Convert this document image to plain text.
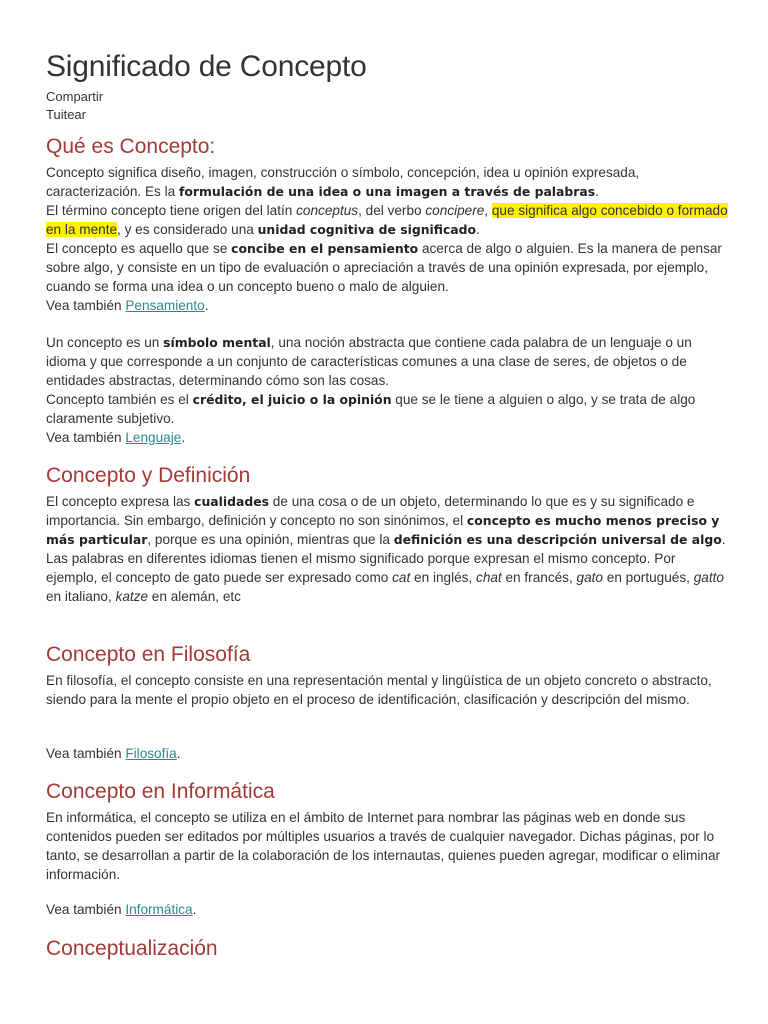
Significado de Concepto
Compartir
Tuitear
Qué es Concepto:
Concepto significa diseño, imagen, construcción o símbolo, concepción, idea u opinión expresada, caracterización. Es la formulación de una idea o una imagen a través de palabras.
El término concepto tiene origen del latín conceptus, del verbo concipere, que significa algo concebido o formado en la mente, y es considerado una unidad cognitiva de significado.
El concepto es aquello que se concibe en el pensamiento acerca de algo o alguien. Es la manera de pensar sobre algo, y consiste en un tipo de evaluación o apreciación a través de una opinión expresada, por ejemplo, cuando se forma una idea o un concepto bueno o malo de alguien.
Vea también Pensamiento.
Un concepto es un símbolo mental, una noción abstracta que contiene cada palabra de un lenguaje o un idioma y que corresponde a un conjunto de características comunes a una clase de seres, de objetos o de entidades abstractas, determinando cómo son las cosas.
Concepto también es el crédito, el juicio o la opinión que se le tiene a alguien o algo, y se trata de algo claramente subjetivo.
Vea también Lenguaje.
Concepto y Definición
El concepto expresa las cualidades de una cosa o de un objeto, determinando lo que es y su significado e importancia. Sin embargo, definición y concepto no son sinónimos, el concepto es mucho menos preciso y más particular, porque es una opinión, mientras que la definición es una descripción universal de algo.
Las palabras en diferentes idiomas tienen el mismo significado porque expresan el mismo concepto. Por ejemplo, el concepto de gato puede ser expresado como cat en inglés, chat en francés, gato en portugués, gatto en italiano, katze en alemán, etc
Concepto en Filosofía
En filosofía, el concepto consiste en una representación mental y lingüística de un objeto concreto o abstracto, siendo para la mente el propio objeto en el proceso de identificación, clasificación y descripción del mismo.
Vea también Filosofía.
Concepto en Informática
En informática, el concepto se utiliza en el ámbito de Internet para nombrar las páginas web en donde sus contenidos pueden ser editados por múltiples usuarios a través de cualquier navegador. Dichas páginas, por lo tanto, se desarrollan a partir de la colaboración de los internautas, quienes pueden agregar, modificar o eliminar información.
Vea también Informática.
Conceptualización
